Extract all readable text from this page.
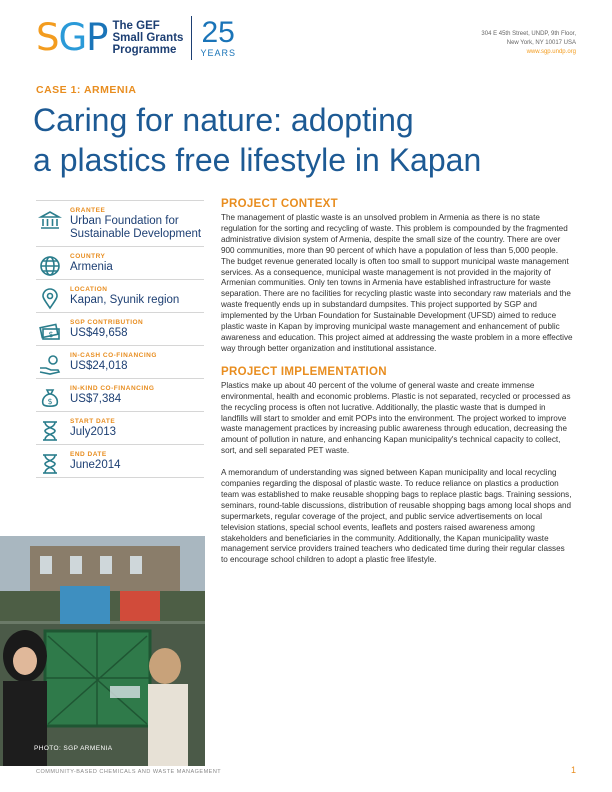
SGP The GEF
Small Grants
Programme
25
YEARS
304 E 45th Street, UNDP, 9th Floor,
New York, NY 10017 USA
www.sgp.undp.org
CASE 1: ARMENIA
Caring for nature: adopting
a plastics free lifestyle in Kapan
GRANTEE
Urban Foundation for Sustainable Development
COUNTRY
Armenia
LOCATION
Kapan, Syunik region
$
SGP CONTRIBUTION
US$49,658
IN-CASH CO-FINANCING
US$24,018
$
IN-KIND CO-FINANCING
US$7,384
START DATE
July2013
END DATE
June2014
PHOTO: SGP ARMENIA
PROJECT CONTEXT

The management of plastic waste is an unsolved problem in Armenia as there is no state regulation for the sorting and recycling of waste. This problem is compounded by the fragmented administrative division system of Armenia, despite the small size of the country. There are over 900 communities, more than 90 percent of which have a population of less than 5,000 people. The budget revenue generated locally is often too small to support municipal waste management services. As a consequence, municipal waste management is not provided in the majority of Armenian communities. Only ten towns in Armenia have established infrastructure for waste separation. There are no facilities for recycling plastic waste into secondary raw materials and the waste frequently ends up in substandard dumpsites. This project supported by SGP and implemented by the Urban Foundation for Sustainable Development (UFSD) aimed to reduce plastic waste in Kapan by improving municipal waste management and enhancement of public awareness and education. This project aimed at addressing the waste problem in a more effective way through better organization and institutional assistance.

PROJECT IMPLEMENTATION

Plastics make up about 40 percent of the volume of general waste and create immense environmental, health and economic problems. Plastic is not separated, recycled or processed as the recycling process is often not lucrative. Additionally, the plastic waste that is dumped in landfills will start to smolder and emit POPs into the environment. The project worked to improve waste management practices by increasing public awareness through education, decreasing the amount of pollution in nature, and enhancing Kapan municipality's technical capacity to collect, sort, and sell separated PET waste.

A memorandum of understanding was signed between Kapan municipality and local recycling companies regarding the disposal of plastic waste. To reduce reliance on plastics a production team was established to make reusable shopping bags to replace plastic bags. Training sessions, seminars, round-table discussions, distribution of reusable shopping bags among local shops and supermarkets, regular coverage of the project, and public service advertisements on local television stations, special school events, leaflets and posters raised awareness among stakeholders and beneficiaries in the community. Additionally, the Kapan municipality waste management service providers trained teachers who dedicated time during their regular classes to encourage school children to adopt a plastic free lifestyle.

COMMUNITY-BASED CHEMICALS AND WASTE MANAGEMENT	1
